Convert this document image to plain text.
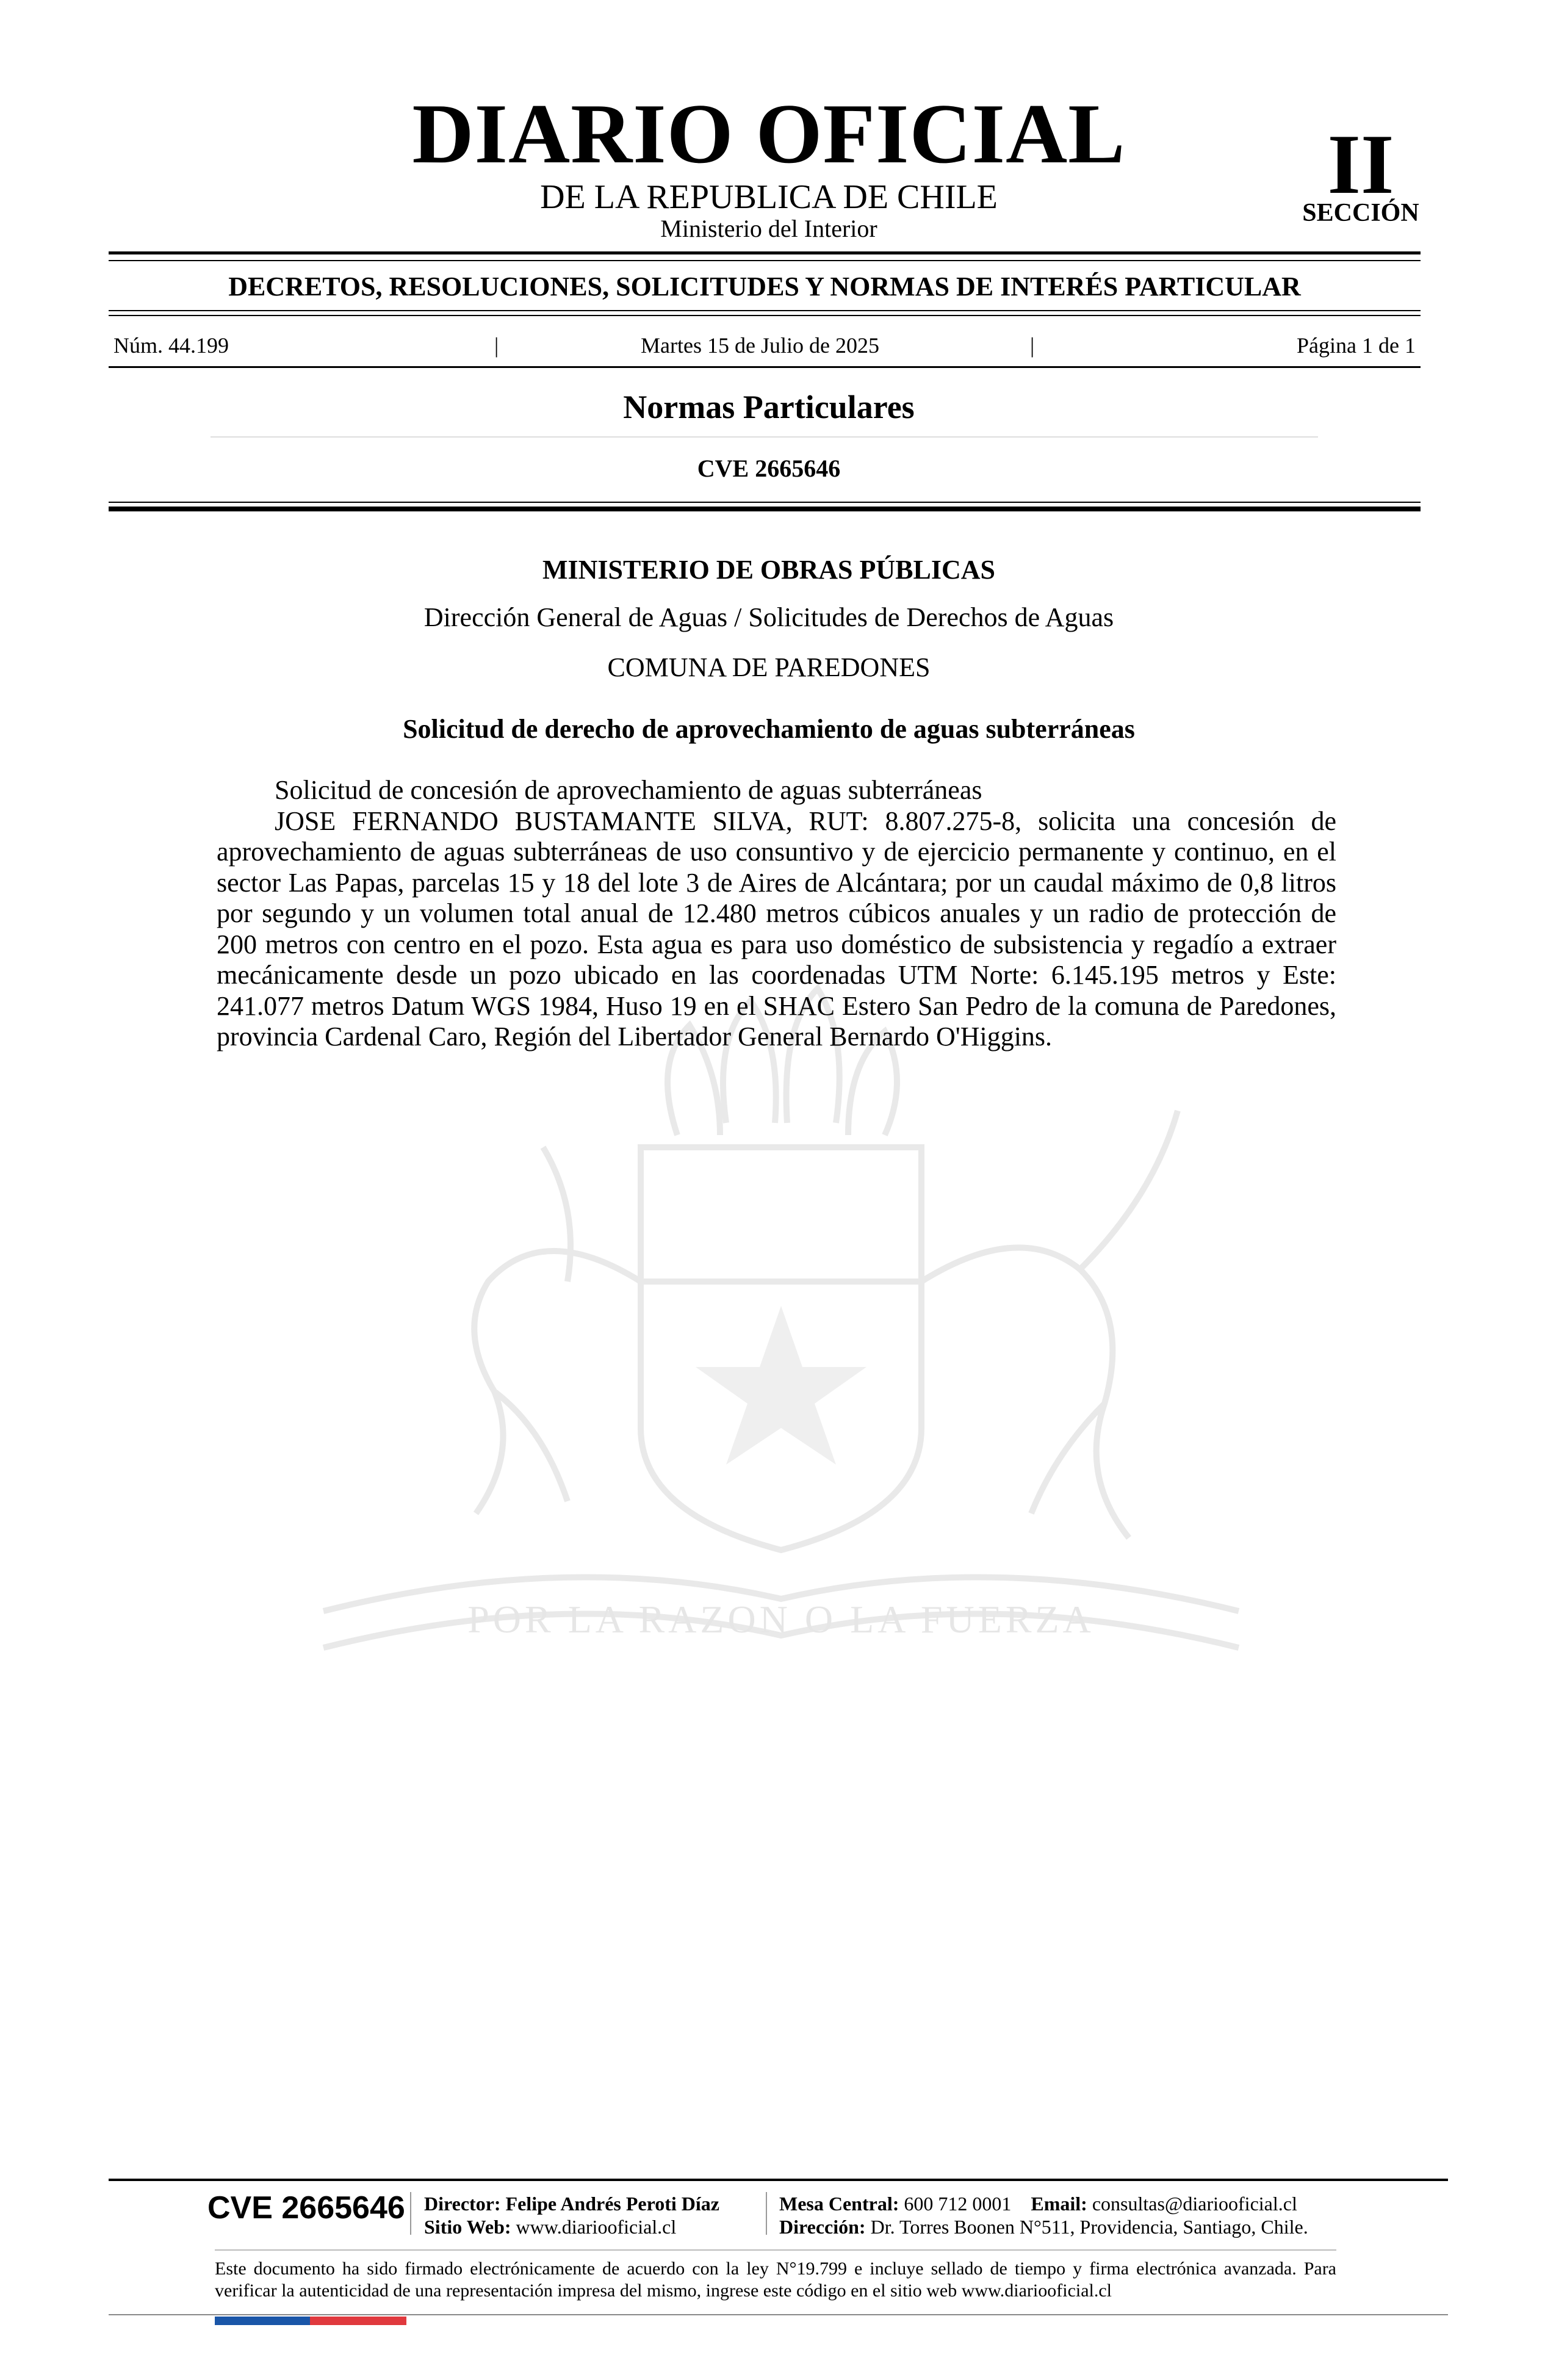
POR LA RAZON O LA FUERZA
DIARIO OFICIAL
DE LA REPUBLICA DE CHILE
Ministerio del Interior
II
SECCIÓN
DECRETOS, RESOLUCIONES, SOLICITUDES Y NORMAS DE INTERÉS PARTICULAR
Núm. 44.199	|	Martes 15 de Julio de 2025	|	Página 1 de 1
Normas Particulares
CVE 2665646
MINISTERIO DE OBRAS PÚBLICAS
Dirección General de Aguas / Solicitudes de Derechos de Aguas
COMUNA DE PAREDONES
Solicitud de derecho de aprovechamiento de aguas subterráneas

Solicitud de concesión de aprovechamiento de aguas subterráneas

JOSE FERNANDO BUSTAMANTE SILVA, RUT: 8.807.275-8, solicita una concesión de aprovechamiento de aguas subterráneas de uso consuntivo y de ejercicio permanente y continuo, en el sector Las Papas, parcelas 15 y 18 del lote 3 de Aires de Alcántara; por un caudal máximo de 0,8 litros por segundo y un volumen total anual de 12.480 metros cúbicos anuales y un radio de protección de 200 metros con centro en el pozo. Esta agua es para uso doméstico de subsistencia y regadío a extraer mecánicamente desde un pozo ubicado en las coordenadas UTM Norte: 6.145.195 metros y Este: 241.077 metros Datum WGS 1984, Huso 19 en el SHAC Estero San Pedro de la comuna de Paredones, provincia Cardenal Caro, Región del Libertador General Bernardo O'Higgins.

CVE 2665646 Director: Felipe Andrés Peroti Díaz
Sitio Web: www.diariooficial.cl
Mesa Central: 600 712 0001 Email: consultas@diariooficial.cl
Dirección: Dr. Torres Boonen N°511, Providencia, Santiago, Chile.
Este documento ha sido firmado electrónicamente de acuerdo con la ley N°19.799 e incluye sellado de tiempo y firma electrónica avanzada. Para verificar la autenticidad de una representación impresa del mismo, ingrese este código en el sitio web www.diariooficial.cl
